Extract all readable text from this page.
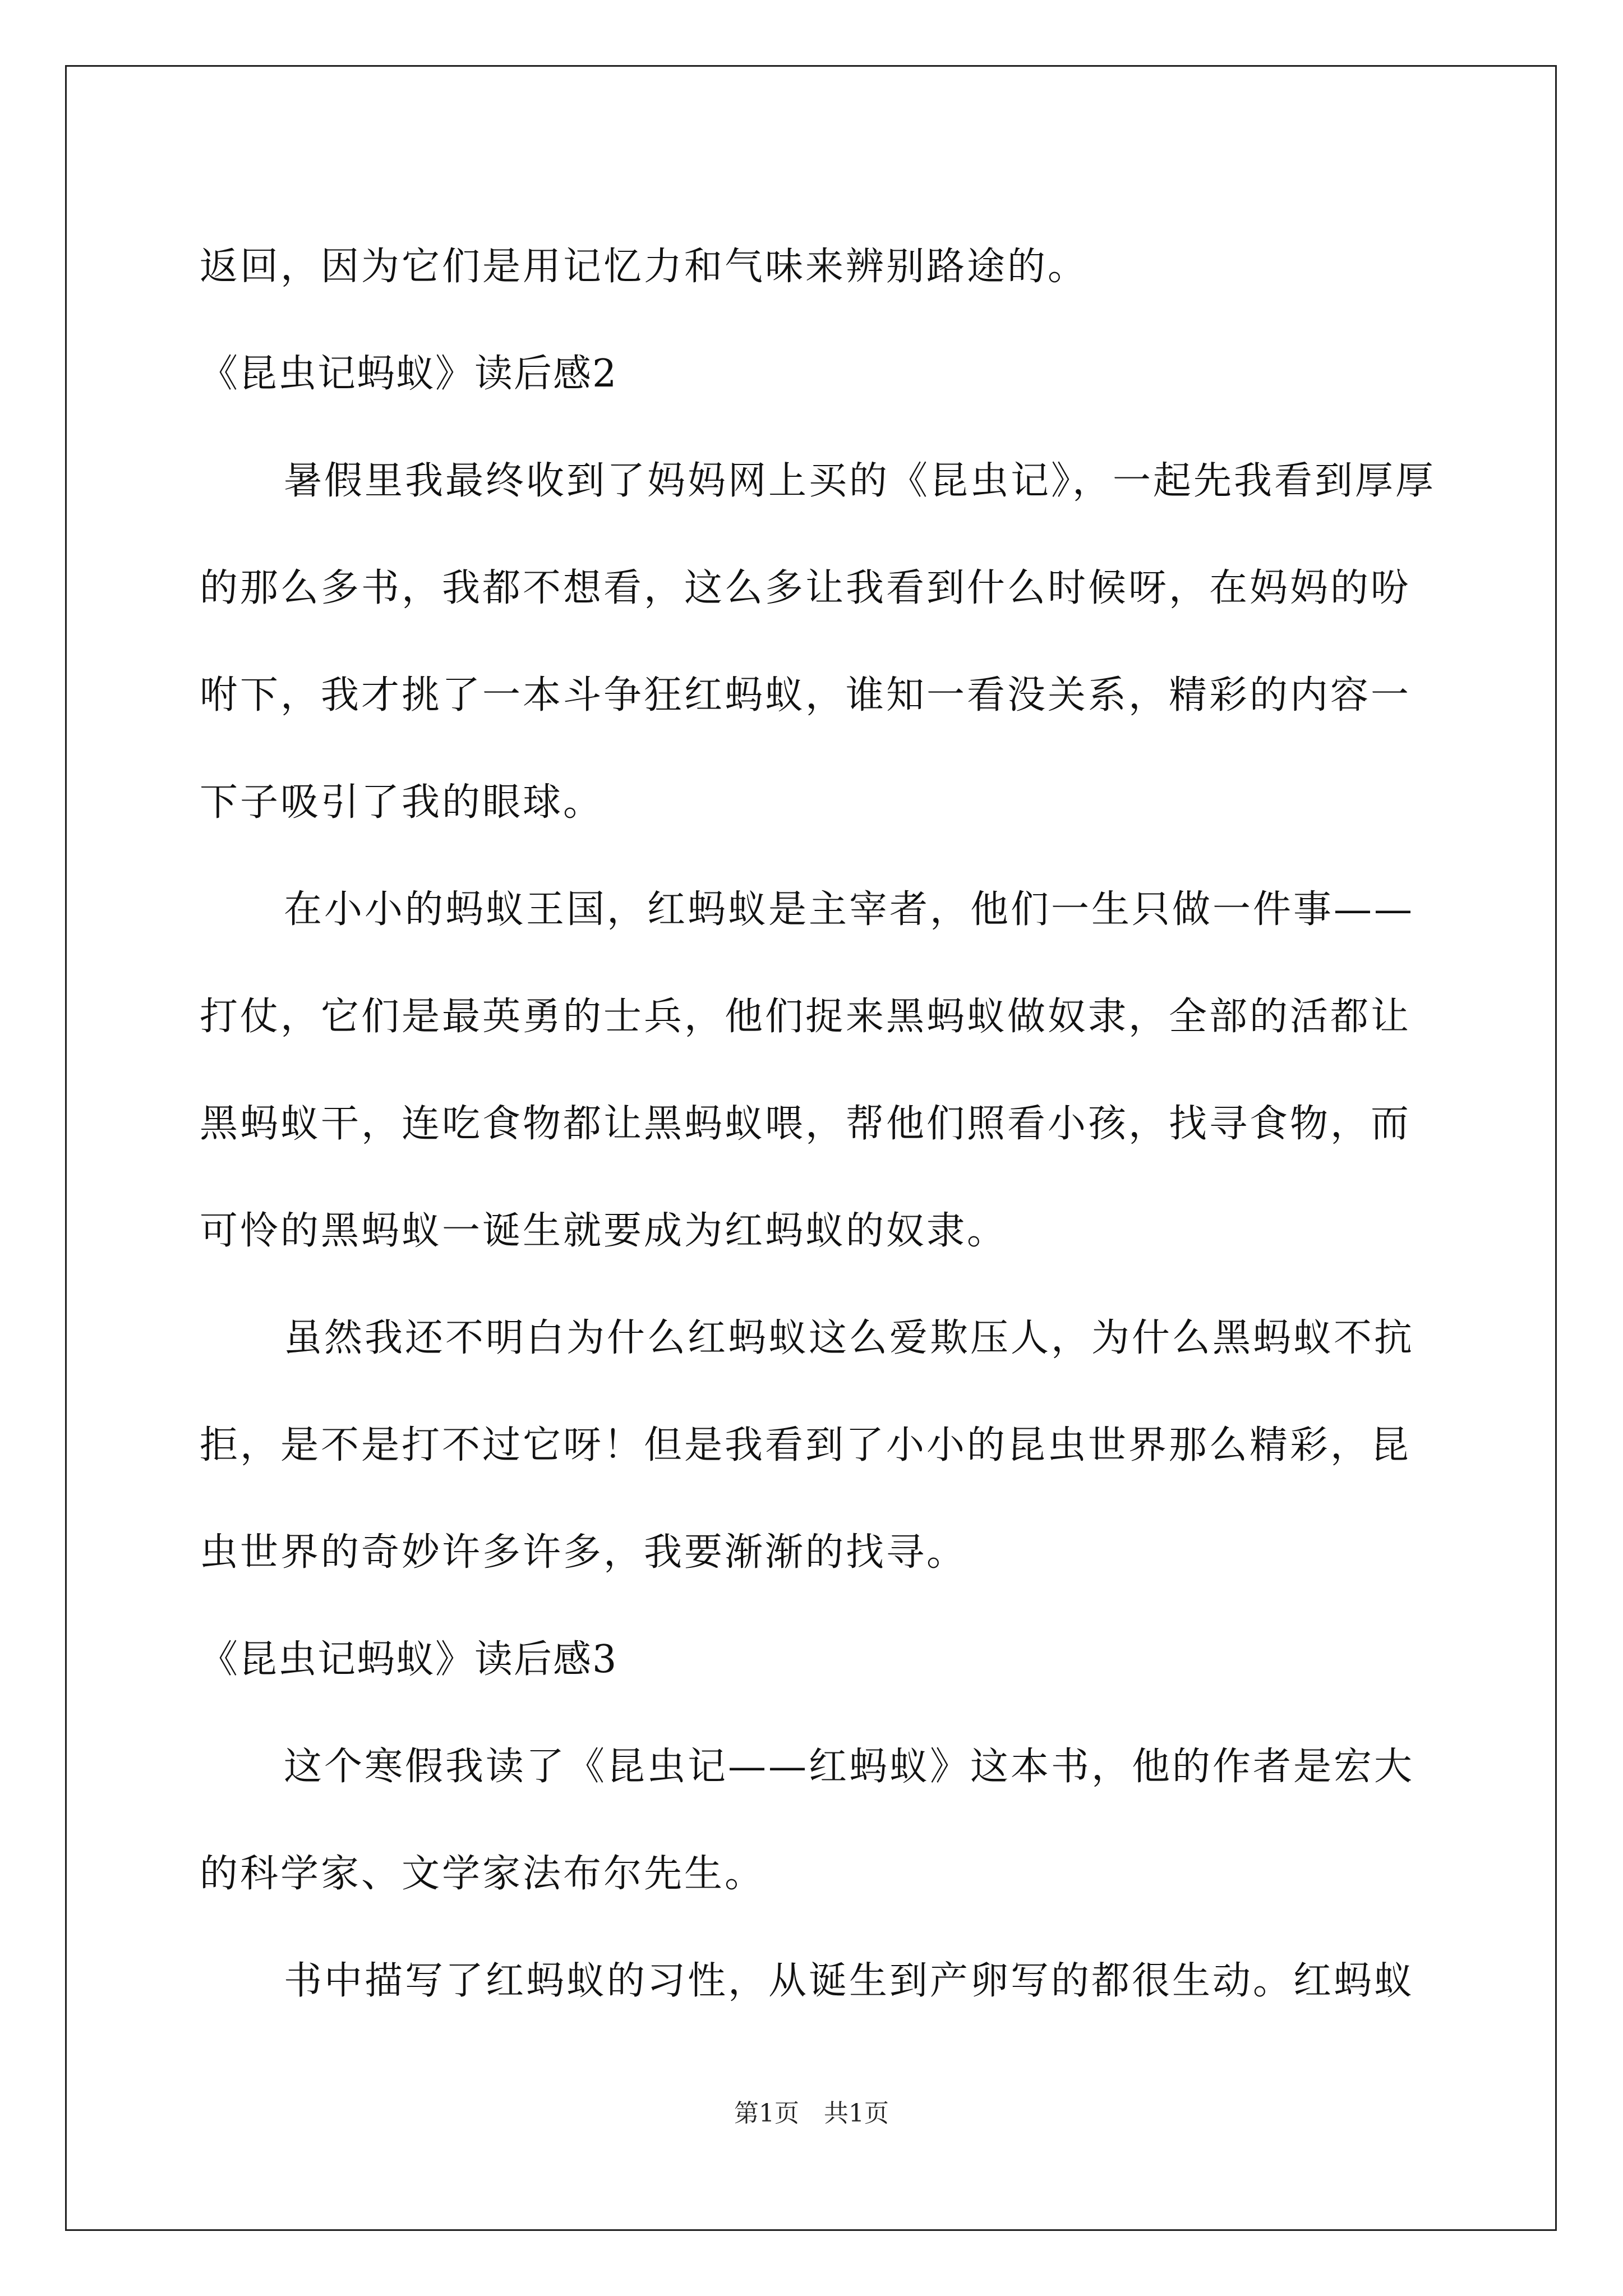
返回，因为它们是用记忆力和气味来辨别路途的。
《昆虫记蚂蚁》读后感2
暑假里我最终收到了妈妈网上买的《昆虫记》，一起先我看到厚厚
的那么多书，我都不想看，这么多让我看到什么时候呀，在妈妈的吩
咐下，我才挑了一本斗争狂红蚂蚁，谁知一看没关系，精彩的内容一
下子吸引了我的眼球。
在小小的蚂蚁王国，红蚂蚁是主宰者，他们一生只做一件事——
打仗，它们是最英勇的士兵，他们捉来黑蚂蚁做奴隶，全部的活都让
黑蚂蚁干，连吃食物都让黑蚂蚁喂，帮他们照看小孩，找寻食物，而
可怜的黑蚂蚁一诞生就要成为红蚂蚁的奴隶。
虽然我还不明白为什么红蚂蚁这么爱欺压人，为什么黑蚂蚁不抗
拒，是不是打不过它呀！但是我看到了小小的昆虫世界那么精彩，昆
虫世界的奇妙许多许多，我要渐渐的找寻。
《昆虫记蚂蚁》读后感3
这个寒假我读了《昆虫记——红蚂蚁》这本书，他的作者是宏大
的科学家、文学家法布尔先生。
书中描写了红蚂蚁的习性，从诞生到产卵写的都很生动。红蚂蚁
第1页　共1页
